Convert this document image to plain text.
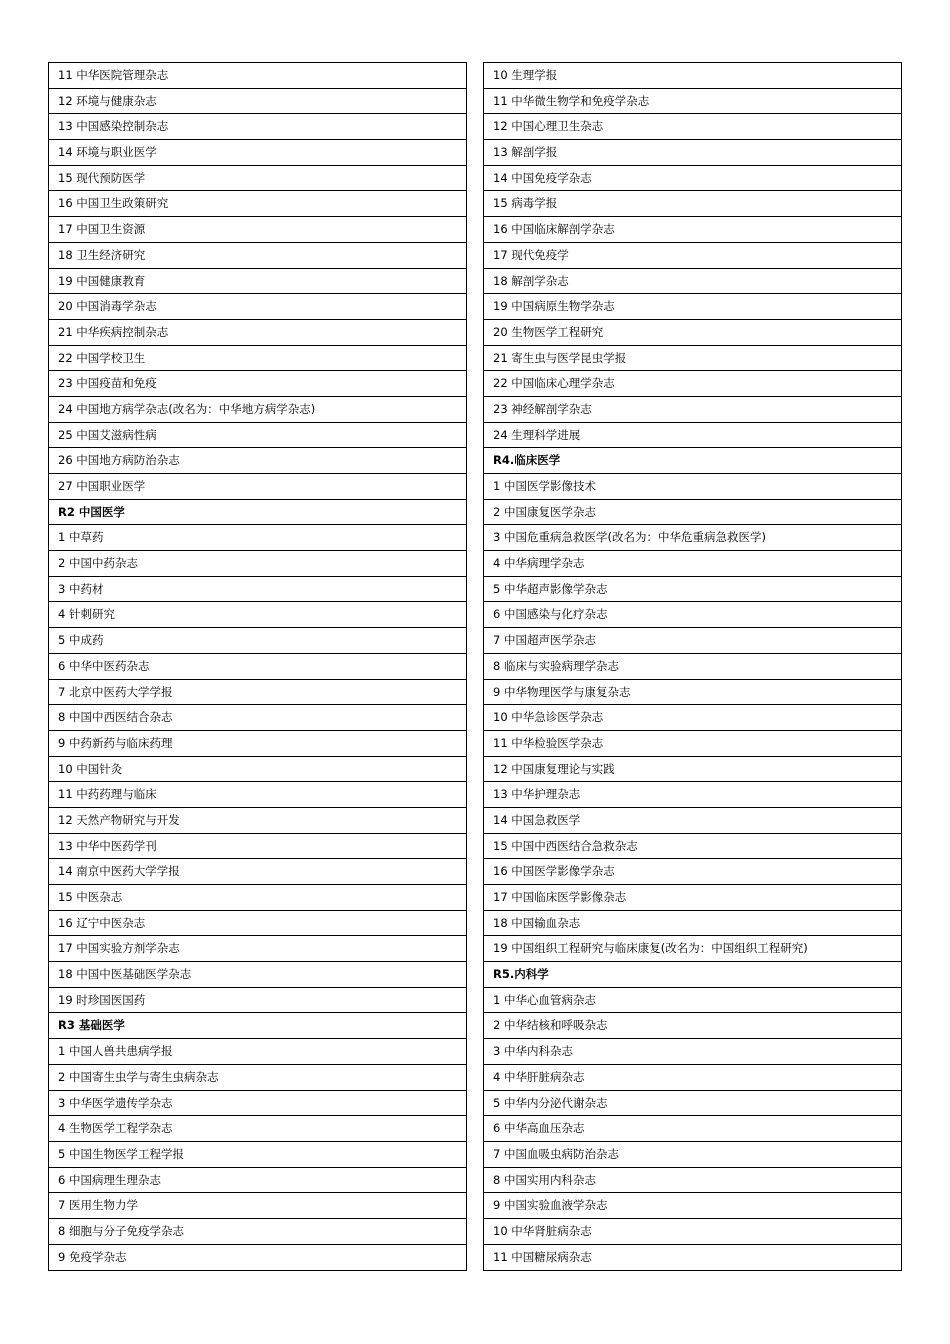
11 中华医院管理杂志
12 环境与健康杂志
13 中国感染控制杂志
14 环境与职业医学
15 现代预防医学
16 中国卫生政策研究
17 中国卫生资源
18 卫生经济研究
19 中国健康教育
20 中国消毒学杂志
21 中华疾病控制杂志
22 中国学校卫生
23 中国疫苗和免疫
24 中国地方病学杂志(改名为：中华地方病学杂志)
25 中国艾滋病性病
26 中国地方病防治杂志
27 中国职业医学
R2 中国医学
1 中草药
2 中国中药杂志
3 中药材
4 针刺研究
5 中成药
6 中华中医药杂志
7 北京中医药大学学报
8 中国中西医结合杂志
9 中药新药与临床药理
10 中国针灸
11 中药药理与临床
12 天然产物研究与开发
13 中华中医药学刊
14 南京中医药大学学报
15 中医杂志
16 辽宁中医杂志
17 中国实验方剂学杂志
18 中国中医基础医学杂志
19 时珍国医国药
R3 基础医学
1 中国人兽共患病学报
2 中国寄生虫学与寄生虫病杂志
3 中华医学遗传学杂志
4 生物医学工程学杂志
5 中国生物医学工程学报
6 中国病理生理杂志
7 医用生物力学
8 细胞与分子免疫学杂志
9 免疫学杂志
10 生理学报
11 中华微生物学和免疫学杂志
12 中国心理卫生杂志
13 解剖学报
14 中国免疫学杂志
15 病毒学报
16 中国临床解剖学杂志
17 现代免疫学
18 解剖学杂志
19 中国病原生物学杂志
20 生物医学工程研究
21 寄生虫与医学昆虫学报
22 中国临床心理学杂志
23 神经解剖学杂志
24 生理科学进展
R4.临床医学
1 中国医学影像技术
2 中国康复医学杂志
3 中国危重病急救医学(改名为：中华危重病急救医学)
4 中华病理学杂志
5 中华超声影像学杂志
6 中国感染与化疗杂志
7 中国超声医学杂志
8 临床与实验病理学杂志
9 中华物理医学与康复杂志
10 中华急诊医学杂志
11 中华检验医学杂志
12 中国康复理论与实践
13 中华护理杂志
14 中国急救医学
15 中国中西医结合急救杂志
16 中国医学影像学杂志
17 中国临床医学影像杂志
18 中国输血杂志
19 中国组织工程研究与临床康复(改名为：中国组织工程研究)
R5.内科学
1 中华心血管病杂志
2 中华结核和呼吸杂志
3 中华内科杂志
4 中华肝脏病杂志
5 中华内分泌代谢杂志
6 中华高血压杂志
7 中国血吸虫病防治杂志
8 中国实用内科杂志
9 中国实验血液学杂志
10 中华肾脏病杂志
11 中国糖尿病杂志
